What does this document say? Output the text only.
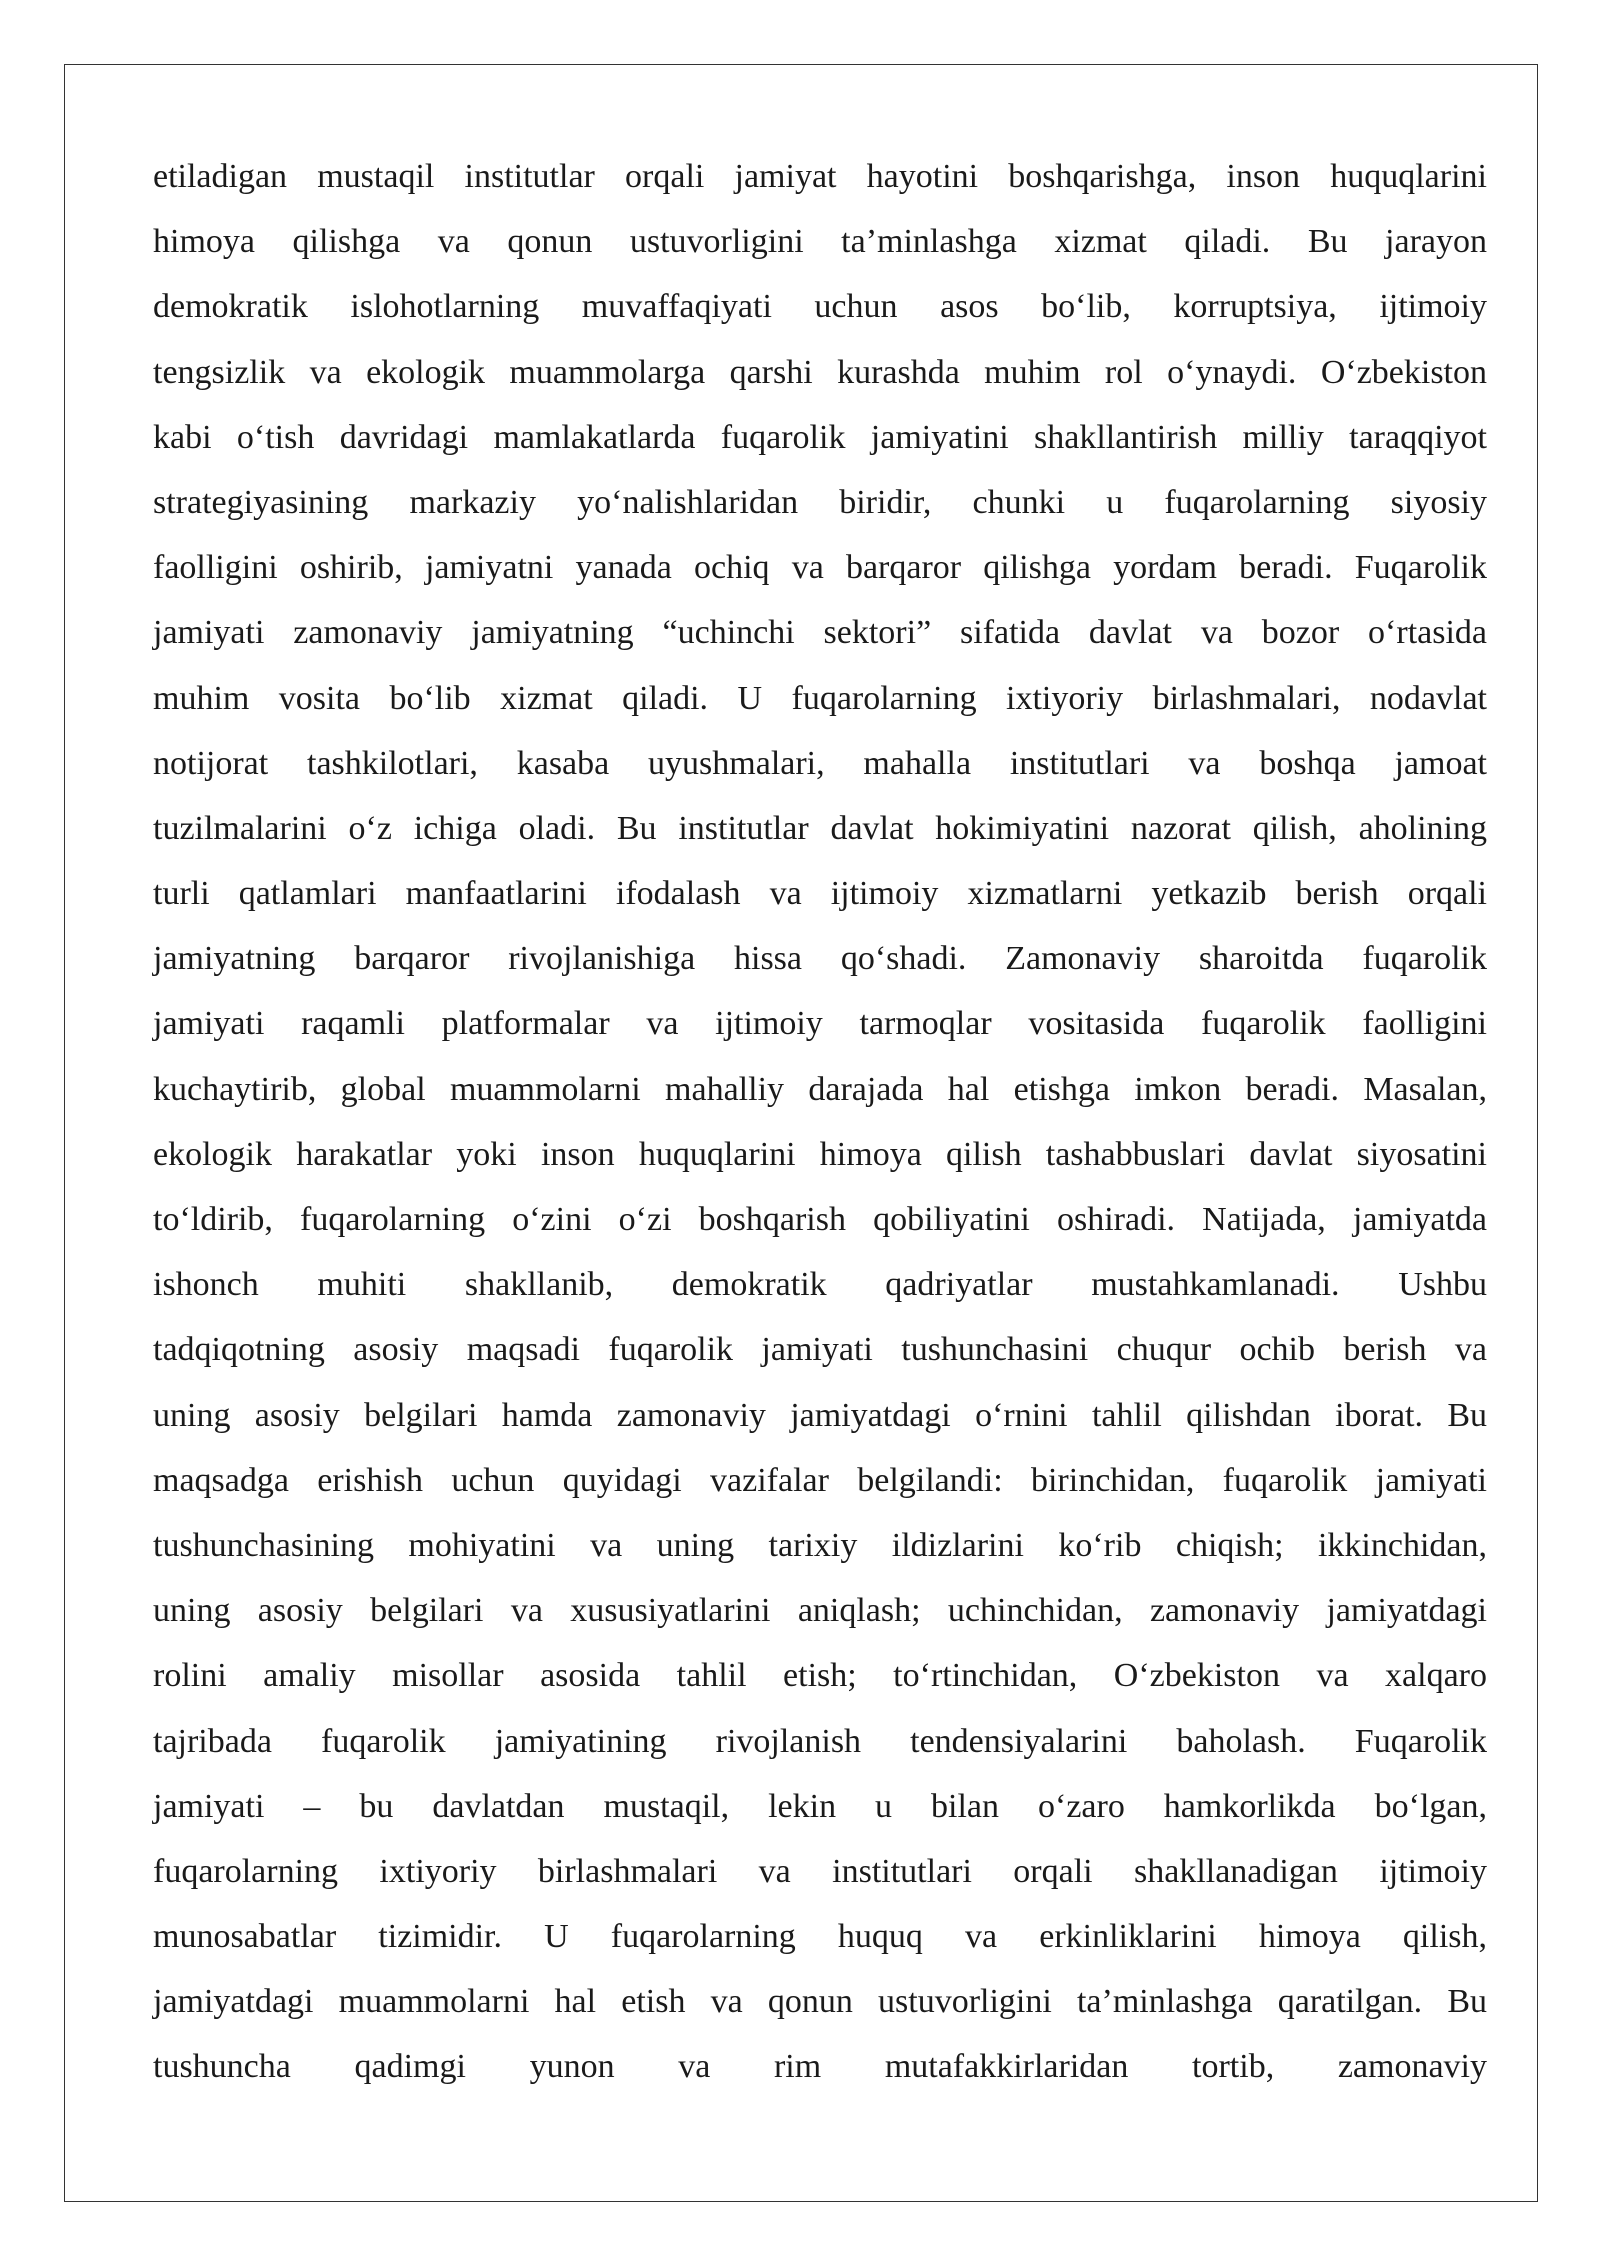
etiladigan mustaqil institutlar orqali jamiyat hayotini boshqarishga, inson huquqlarini
himoya qilishga va qonun ustuvorligini ta’minlashga xizmat qiladi. Bu jarayon
demokratik islohotlarning muvaffaqiyati uchun asos bo‘lib, korruptsiya, ijtimoiy
tengsizlik va ekologik muammolarga qarshi kurashda muhim rol o‘ynaydi. O‘zbekiston
kabi o‘tish davridagi mamlakatlarda fuqarolik jamiyatini shakllantirish milliy taraqqiyot
strategiyasining markaziy yo‘nalishlaridan biridir, chunki u fuqarolarning siyosiy
faolligini oshirib, jamiyatni yanada ochiq va barqaror qilishga yordam beradi. Fuqarolik
jamiyati zamonaviy jamiyatning “uchinchi sektori” sifatida davlat va bozor o‘rtasida
muhim vosita bo‘lib xizmat qiladi. U fuqarolarning ixtiyoriy birlashmalari, nodavlat
notijorat tashkilotlari, kasaba uyushmalari, mahalla institutlari va boshqa jamoat
tuzilmalarini o‘z ichiga oladi. Bu institutlar davlat hokimiyatini nazorat qilish, aholining
turli qatlamlari manfaatlarini ifodalash va ijtimoiy xizmatlarni yetkazib berish orqali
jamiyatning barqaror rivojlanishiga hissa qo‘shadi. Zamonaviy sharoitda fuqarolik
jamiyati raqamli platformalar va ijtimoiy tarmoqlar vositasida fuqarolik faolligini
kuchaytirib, global muammolarni mahalliy darajada hal etishga imkon beradi. Masalan,
ekologik harakatlar yoki inson huquqlarini himoya qilish tashabbuslari davlat siyosatini
to‘ldirib, fuqarolarning o‘zini o‘zi boshqarish qobiliyatini oshiradi. Natijada, jamiyatda
ishonch muhiti shakllanib, demokratik qadriyatlar mustahkamlanadi. Ushbu
tadqiqotning asosiy maqsadi fuqarolik jamiyati tushunchasini chuqur ochib berish va
uning asosiy belgilari hamda zamonaviy jamiyatdagi o‘rnini tahlil qilishdan iborat. Bu
maqsadga erishish uchun quyidagi vazifalar belgilandi: birinchidan, fuqarolik jamiyati
tushunchasining mohiyatini va uning tarixiy ildizlarini ko‘rib chiqish; ikkinchidan,
uning asosiy belgilari va xususiyatlarini aniqlash; uchinchidan, zamonaviy jamiyatdagi
rolini amaliy misollar asosida tahlil etish; to‘rtinchidan, O‘zbekiston va xalqaro
tajribada fuqarolik jamiyatining rivojlanish tendensiyalarini baholash. Fuqarolik
jamiyati – bu davlatdan mustaqil, lekin u bilan o‘zaro hamkorlikda bo‘lgan,
fuqarolarning ixtiyoriy birlashmalari va institutlari orqali shakllanadigan ijtimoiy
munosabatlar tizimidir. U fuqarolarning huquq va erkinliklarini himoya qilish,
jamiyatdagi muammolarni hal etish va qonun ustuvorligini ta’minlashga qaratilgan. Bu
tushuncha qadimgi yunon va rim mutafakkirlaridan tortib, zamonaviy
